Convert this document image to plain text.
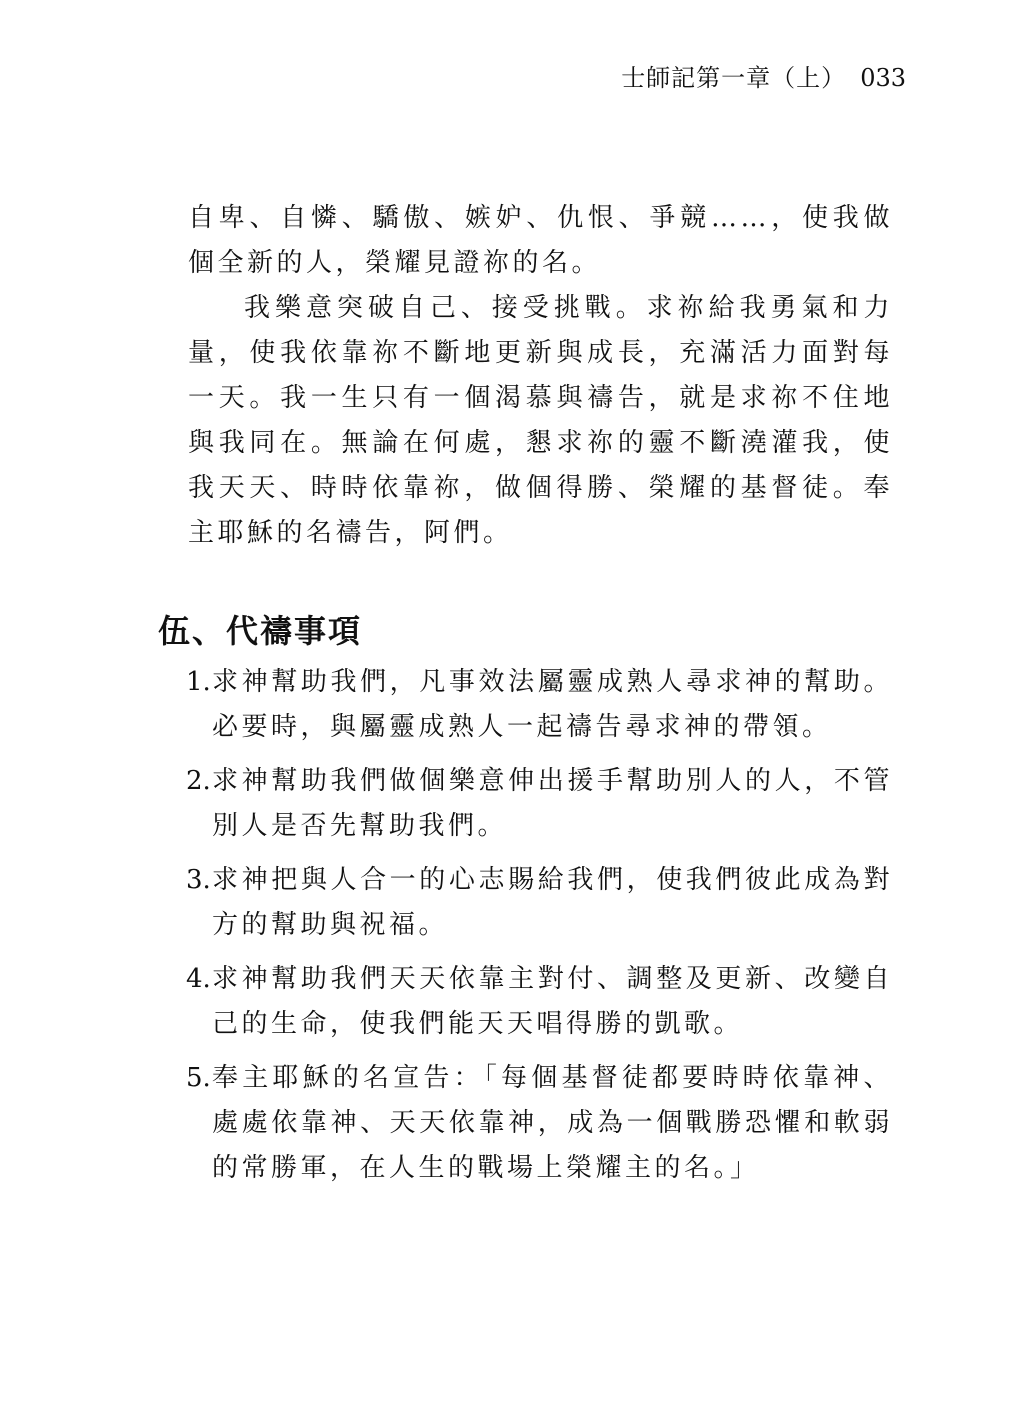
士師記第一章（上） 033

自卑、自憐、驕傲、嫉妒、仇恨、爭競……，使我做個全新的人，榮耀見證祢的名。

我樂意突破自己、接受挑戰。求祢給我勇氣和力量，使我依靠祢不斷地更新與成長，充滿活力面對每一天。我一生只有一個渴慕與禱告，就是求祢不住地與我同在。無論在何處，懇求祢的靈不斷澆灌我，使我天天、時時依靠祢，做個得勝、榮耀的基督徒。奉主耶穌的名禱告，阿們。

伍、代禱事項
1. 求神幫助我們，凡事效法屬靈成熟人尋求神的幫助。必要時，與屬靈成熟人一起禱告尋求神的帶領。
2. 求神幫助我們做個樂意伸出援手幫助別人的人，不管別人是否先幫助我們。
3. 求神把與人合一的心志賜給我們，使我們彼此成為對方的幫助與祝福。
4. 求神幫助我們天天依靠主對付、調整及更新、改變自己的生命，使我們能天天唱得勝的凱歌。
5. 奉主耶穌的名宣告：「每個基督徒都要時時依靠神、處處依靠神、天天依靠神，成為一個戰勝恐懼和軟弱的常勝軍，在人生的戰場上榮耀主的名。」
